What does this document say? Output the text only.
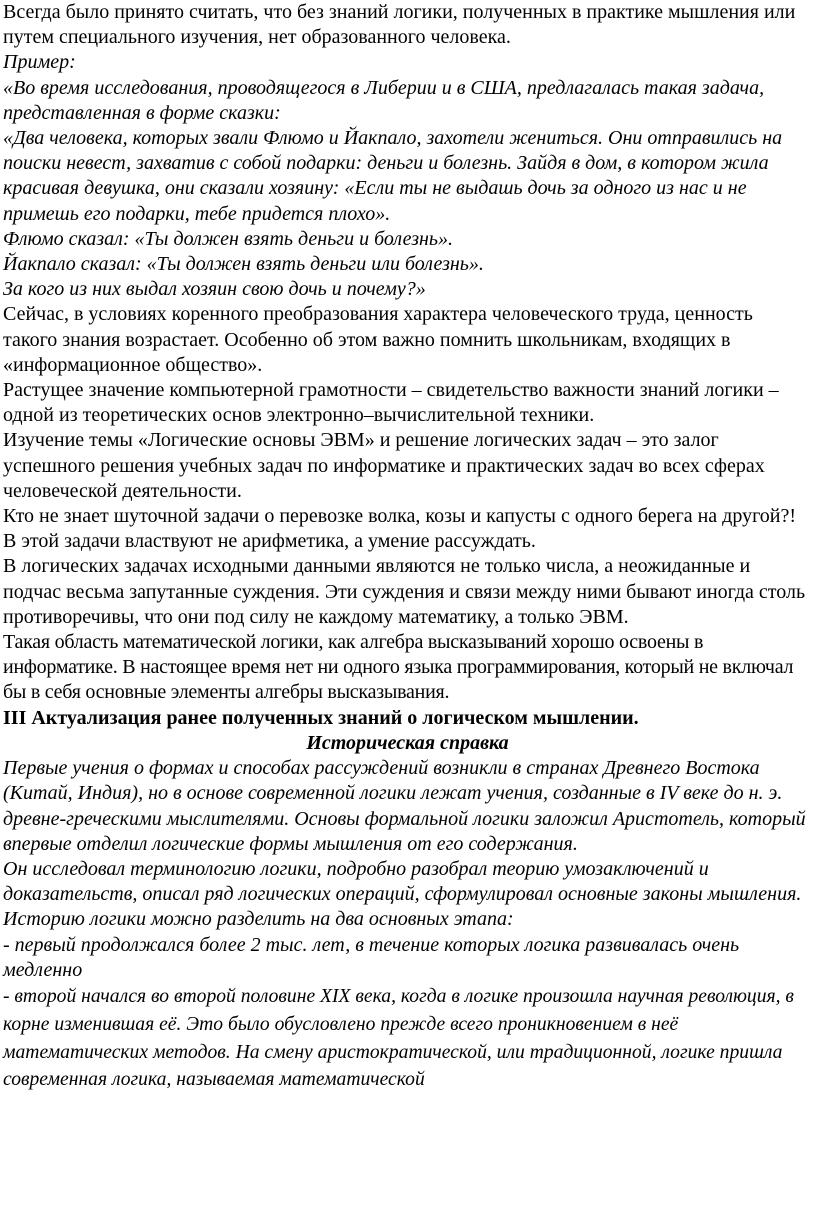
Всегда было принято считать, что без знаний логики, полученных в практике мышления или путем специального изучения, нет образованного человека.

Пример:

«Во время исследования, проводящегося в Либерии и в США, предлагалась такая задача, представленная в форме сказки:

«Два человека, которых звали Флюмо и Йакпало, захотели жениться. Они отправились на поиски невест, захватив с собой подарки: деньги и болезнь. Зайдя в дом, в котором жила красивая девушка, они сказали хозяину: «Если ты не выдашь дочь за одного из нас и не примешь его подарки, тебе придется плохо».

Флюмо сказал: «Ты должен взять деньги и болезнь».

Йакпало сказал: «Ты должен взять деньги или болезнь».

За кого из них выдал хозяин свою дочь и почему?»

Сейчас, в условиях коренного преобразования характера человеческого труда, ценность такого знания возрастает. Особенно об этом важно помнить школьникам, входящих в «информационное общество».

Растущее значение компьютерной грамотности – свидетельство важности знаний логики – одной из теоретических основ электронно–вычислительной техники.

Изучение темы «Логические основы ЭВМ» и решение логических задач – это залог успешного решения учебных задач по информатике и практических задач во всех сферах человеческой деятельности.

Кто не знает шуточной задачи о перевозке волка, козы и капусты с одного берега на другой?! В этой задачи властвуют не арифметика, а умение рассуждать.

В логических задачах исходными данными являются не только числа, а неожиданные и подчас весьма запутанные суждения. Эти суждения и связи между ними бывают иногда столь противоречивы, что они под силу не каждому математику, а только ЭВМ.

Такая область математической логики, как алгебра высказываний хорошо освоены в информатике. В настоящее время нет ни одного языка программирования, который не включал бы в себя основные элементы алгебры высказывания.

III Актуализация ранее полученных знаний о логическом мышлении.

Историческая справка

Первые учения о формах и способах рассуждений возникли в странах Древнего Востока (Китай, Индия), но в основе современной логики лежат учения, созданные в IV веке до н. э. древне-греческими мыслителями. Основы формальной логики заложил Аристотель, который впервые отделил логические формы мышления от его содержания.

Он исследовал терминологию логики, подробно разобрал теорию умозаключений и доказательств, описал ряд логических операций, сформулировал основные законы мышления.

Историю логики можно разделить на два основных этапа:

- первый продолжался более 2 тыс. лет, в течение которых логика развивалась очень медленно

- второй начался во второй половине XIX века, когда в логике произошла научная революция, в корне изменившая её. Это было обусловлено прежде всего проникновением в неё математических методов. На смену аристократической, или традиционной, логике пришла современная логика, называемая математической
